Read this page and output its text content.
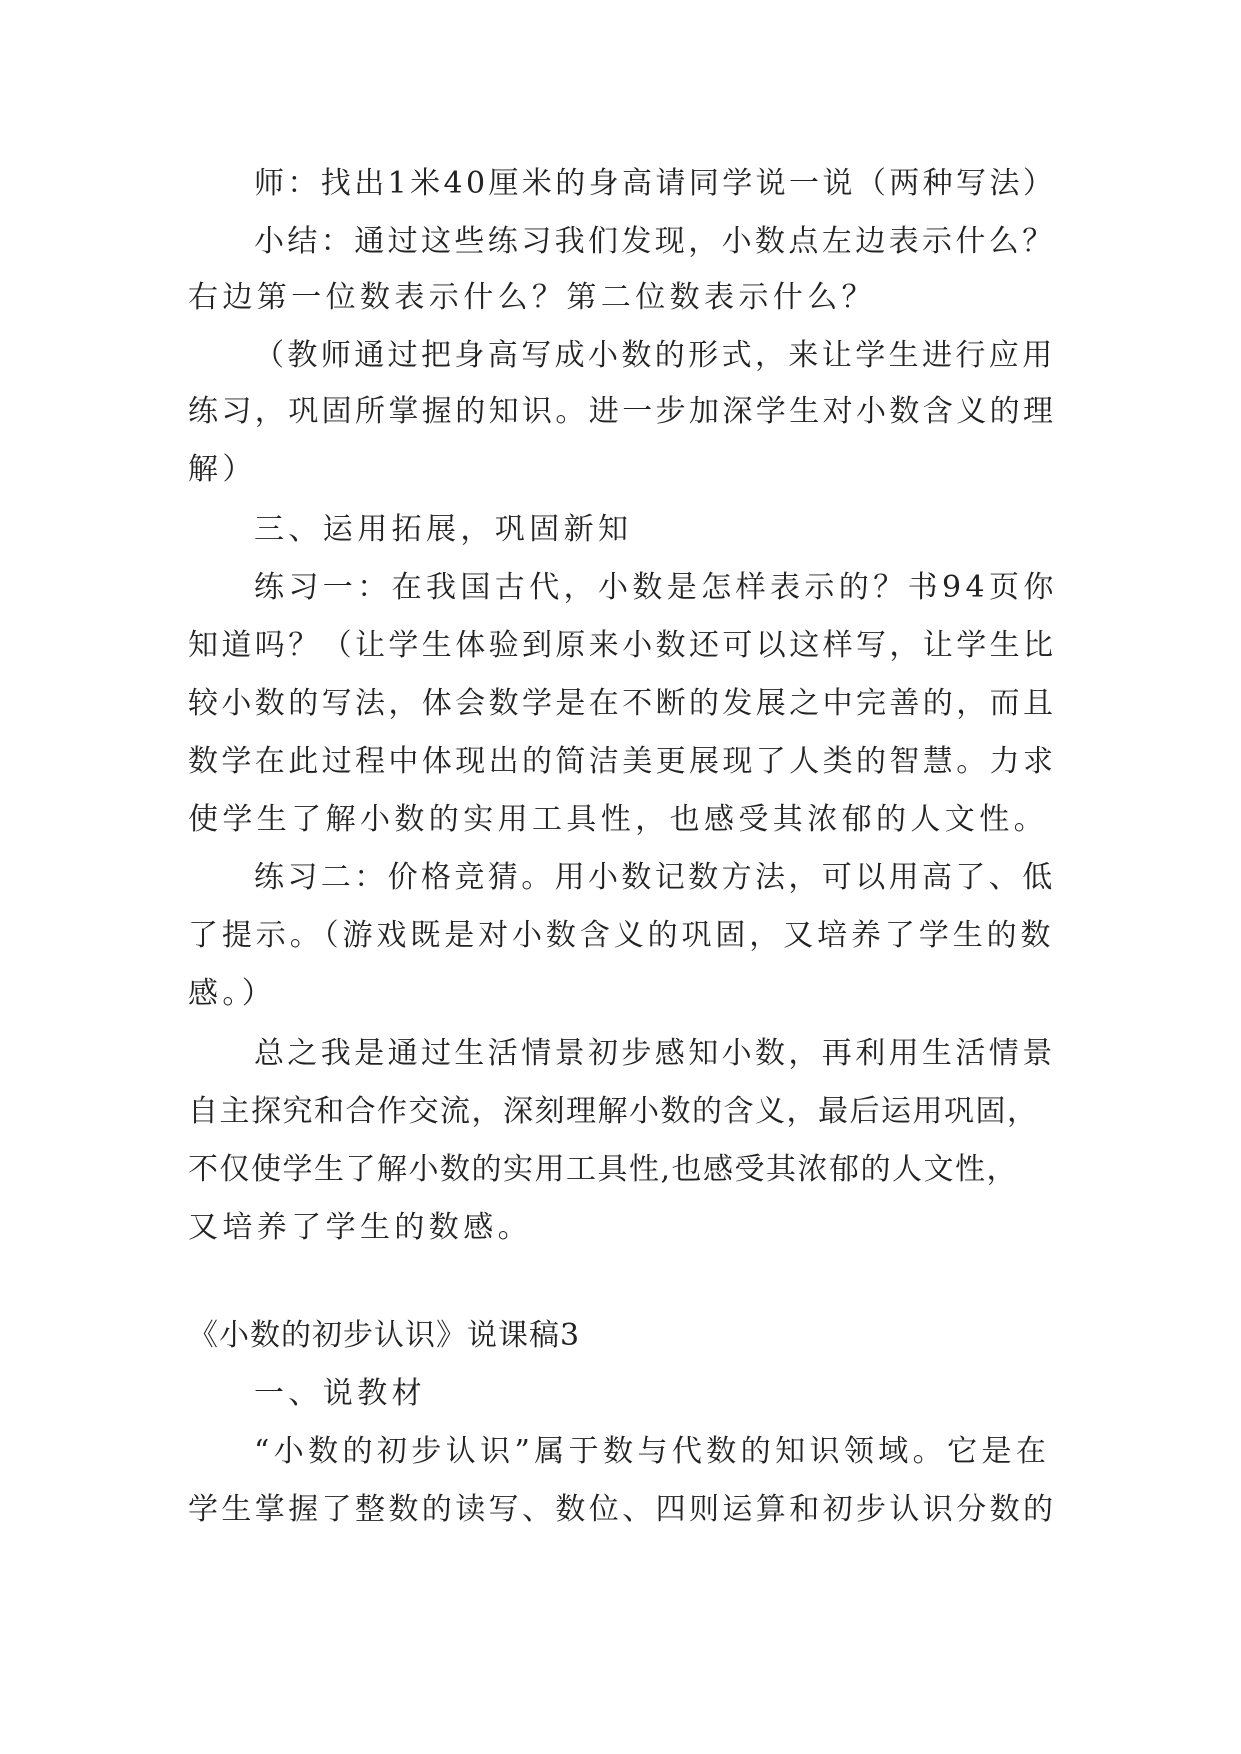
师：找出1米40厘米的身高请同学说一说（两种写法）
小结：通过这些练习我们发现，小数点左边表示什么？
右边第一位数表示什么？第二位数表示什么？
（教师通过把身高写成小数的形式，来让学生进行应用
练习，巩固所掌握的知识。进一步加深学生对小数含义的理
解）
三、运用拓展，巩固新知
练习一：在我国古代，小数是怎样表示的？书94页你
知道吗？（让学生体验到原来小数还可以这样写，让学生比
较小数的写法，体会数学是在不断的发展之中完善的，而且
数学在此过程中体现出的简洁美更展现了人类的智慧。力求
使学生了解小数的实用工具性，也感受其浓郁的人文性。
练习二：价格竞猜。用小数记数方法，可以用高了、低
了提示。（游戏既是对小数含义的巩固，又培养了学生的数
感。）
总之我是通过生活情景初步感知小数，再利用生活情景
自主探究和合作交流，深刻理解小数的含义，最后运用巩固，
不仅使学生了解小数的实用工具性,也感受其浓郁的人文性，
又培养了学生的数感。
《小数的初步认识》说课稿3
一、说教材
“小数的初步认识”属于数与代数的知识领域。它是在
学生掌握了整数的读写、数位、四则运算和初步认识分数的
